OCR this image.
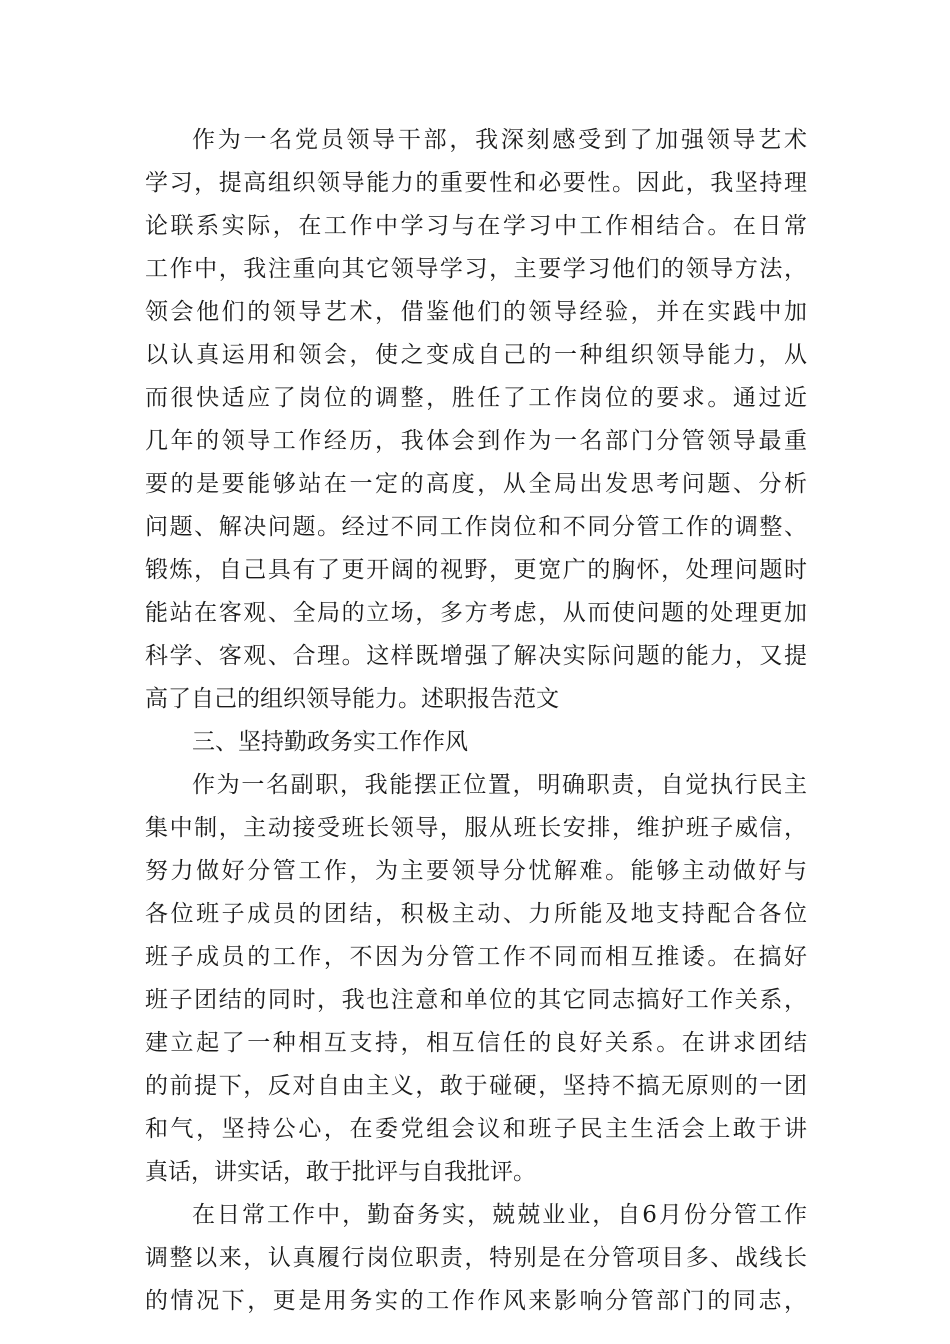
作为一名党员领导干部，我深刻感受到了加强领导艺术
学习，提高组织领导能力的重要性和必要性。因此，我坚持理
论联系实际，在工作中学习与在学习中工作相结合。在日常
工作中，我注重向其它领导学习，主要学习他们的领导方法，
领会他们的领导艺术，借鉴他们的领导经验，并在实践中加
以认真运用和领会，使之变成自己的一种组织领导能力，从
而很快适应了岗位的调整，胜任了工作岗位的要求。通过近
几年的领导工作经历，我体会到作为一名部门分管领导最重
要的是要能够站在一定的高度，从全局出发思考问题、分析
问题、解决问题。经过不同工作岗位和不同分管工作的调整、
锻炼，自己具有了更开阔的视野，更宽广的胸怀，处理问题时
能站在客观、全局的立场，多方考虑，从而使问题的处理更加
科学、客观、合理。这样既增强了解决实际问题的能力，又提
高了自己的组织领导能力。述职报告范文
三、坚持勤政务实工作作风
作为一名副职，我能摆正位置，明确职责，自觉执行民主
集中制，主动接受班长领导，服从班长安排，维护班子威信，
努力做好分管工作，为主要领导分忧解难。能够主动做好与
各位班子成员的团结，积极主动、力所能及地支持配合各位
班子成员的工作，不因为分管工作不同而相互推诿。在搞好
班子团结的同时，我也注意和单位的其它同志搞好工作关系，
建立起了一种相互支持，相互信任的良好关系。在讲求团结
的前提下，反对自由主义，敢于碰硬，坚持不搞无原则的一团
和气，坚持公心，在委党组会议和班子民主生活会上敢于讲
真话，讲实话，敢于批评与自我批评。
在日常工作中，勤奋务实，兢兢业业，自6月份分管工作
调整以来，认真履行岗位职责，特别是在分管项目多、战线长
的情况下，更是用务实的工作作风来影响分管部门的同志，
